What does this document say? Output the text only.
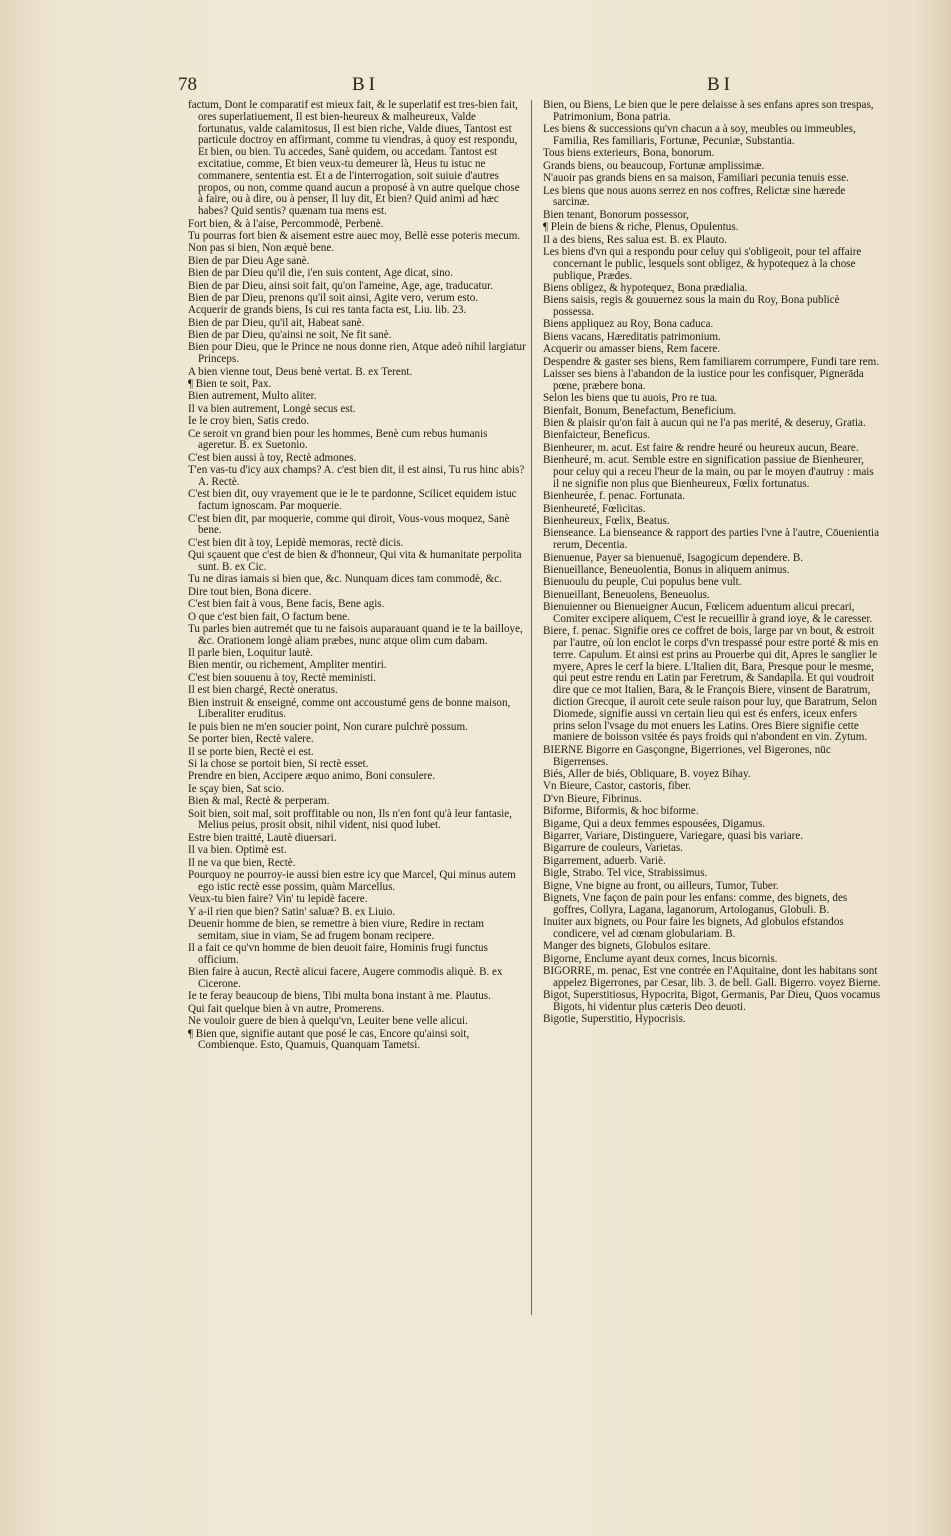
78	BI	BI

factum, Dont le comparatif est mieux fait, & le superlatif est tres-bien fait, ores superlatiuement, Il est bien-heureux & malheureux, Valde fortunatus, valde calamitosus, Il est bien riche, Valde diues, Tantost est particule doctroy en affirmant, comme tu viendras, à quoy est respondu, Et bien, ou bien. Tu accedes, Sanè quidem, ou accedam. Tantost est excitatiue, comme, Et bien veux-tu demeurer là, Heus tu istuc ne commanere, sententia est. Et a de l'interrogation, soit suiuie d'autres propos, ou non, comme quand aucun a proposé à vn autre quelque chose à faire, ou à dire, ou à penser, Il luy dit, Et bien? Quid animi ad hæc habes? Quid sentis? quænam tua mens est.

Fort bien, & à l'aise, Percommodè, Perbenè.

Tu pourras fort bien & aisement estre auec moy, Bellè esse poteris mecum.

Non pas si bien, Non æquè bene.

Bien de par Dieu Age sanè.

Bien de par Dieu qu'il die, i'en suis content, Age dicat, sino.

Bien de par Dieu, ainsi soit fait, qu'on l'ameine, Age, age, traducatur.

Bien de par Dieu, prenons qu'il soit ainsi, Agite vero, verum esto.

Acquerir de grands biens, Is cui res tanta facta est, Liu. lib. 23.

Bien de par Dieu, qu'il ait, Habeat sanè.

Bien de par Dieu, qu'ainsi ne soit, Ne fit sanè.

Bien pour Dieu, que le Prince ne nous donne rien, Atque adeò nihil largiatur Princeps.

A bien vienne tout, Deus benè vertat. B. ex Terent.

¶ Bien te soit, Pax.

Bien autrement, Multo aliter.

Il va bien autrement, Longè secus est.

Ie le croy bien, Satis credo.

Ce seroit vn grand bien pour les hommes, Benè cum rebus humanis ageretur. B. ex Suetonio.

C'est bien aussi à toy, Rectè admones.

T'en vas-tu d'icy aux champs? A. c'est bien dit, il est ainsi, Tu rus hinc abis? A. Rectè.

C'est bien dit, ouy vrayement que ie le te pardonne, Scilicet equidem istuc factum ignoscam. Par moquerie.

C'est bien dit, par moquerie, comme qui diroit, Vous-vous moquez, Sanè bene.

C'est bien dit à toy, Lepidè memoras, rectè dicis.

Qui sçauent que c'est de bien & d'honneur, Qui vita & humanitate perpolita sunt. B. ex Cic.

Tu ne diras iamais si bien que, &c. Nunquam dices tam commodè, &c.

Dire tout bien, Bona dicere.

C'est bien fait à vous, Bene facis, Bene agis.

O que c'est bien fait, O factum bene.

Tu parles bien autremét que tu ne faisois auparauant quand ie te la bailloye, &c. Orationem longè aliam præbes, nunc atque olim cum dabam.

Il parle bien, Loquitur lautè.

Bien mentir, ou richement, Ampliter mentiri.

C'est bien souuenu à toy, Rectè meministi.

Il est bien chargé, Rectè oneratus.

Bien instruit & enseigné, comme ont accoustumé gens de bonne maison, Liberaliter eruditus.

Ie puis bien ne m'en soucier point, Non curare pulchrè possum.

Se porter bien, Rectè valere.

Il se porte bien, Rectè ei est.

Si la chose se portoit bien, Si rectè esset.

Prendre en bien, Accipere æquo animo, Boni consulere.

Ie sçay bien, Sat scio.

Bien & mal, Rectè & perperam.

Soit bien, soit mal, soit proffitable ou non, Ils n'en font qu'à leur fantasie, Melius peius, prosit obsit, nihil vident, nisi quod lubet.

Estre bien traitté, Lautè diuersari.

Il va bien. Optimè est.

Il ne va que bien, Rectè.

Pourquoy ne pourroy-ie aussi bien estre icy que Marcel, Qui minus autem ego istic rectè esse possim, quàm Marcellus.

Veux-tu bien faire? Vin' tu lepidè facere.

Y a-il rien que bien? Satin' saluæ? B. ex Liuio.

Deuenir homme de bien, se remettre à bien viure, Redire in rectam semitam, siue in viam, Se ad frugem bonam recipere.

Il a fait ce qu'vn homme de bien deuoit faire, Hominis frugi functus officium.

Bien faire à aucun, Rectè alicui facere, Augere commodis aliquè. B. ex Cicerone.

Ie te feray beaucoup de biens, Tibi multa bona instant à me. Plautus.

Qui fait quelque bien à vn autre, Promerens.

Ne vouloir guere de bien à quelqu'vn, Leuiter bene velle alicui.

¶ Bien que, signifie autant que posé le cas, Encore qu'ainsi soit, Combienque. Esto, Quamuis, Quanquam Tametsi.

Bien, ou Biens, Le bien que le pere delaisse à ses enfans apres son trespas, Patrimonium, Bona patria.

Les biens & successions qu'vn chacun a à soy, meubles ou immeubles, Familia, Res familiaris, Fortunæ, Pecuniæ, Substantia.

Tous biens exterieurs, Bona, bonorum.

Grands biens, ou beaucoup, Fortunæ amplissimæ.

N'auoir pas grands biens en sa maison, Familiari pecunia tenuis esse.

Les biens que nous auons serrez en nos coffres, Relictæ sine hærede sarcinæ.

Bien tenant, Bonorum possessor,

¶ Plein de biens & riche, Plenus, Opulentus.

Il a des biens, Res salua est. B. ex Plauto.

Les biens d'vn qui a respondu pour celuy qui s'obligeoit, pour tel affaire concernant le public, lesquels sont obligez, & hypotequez à la chose publique, Prædes.

Biens obligez, & hypotequez, Bona prædialia.

Biens saisis, regis & gouuernez sous la main du Roy, Bona publicè possessa.

Biens appliquez au Roy, Bona caduca.

Biens vacans, Hæreditatis patrimonium.

Acquerir ou amasser biens, Rem facere.

Despendre & gaster ses biens, Rem familiarem corrumpere, Fundi tare rem.

Laisser ses biens à l'abandon de la iustice pour les confisquer, Pignerāda pœne, præbere bona.

Selon les biens que tu auois, Pro re tua.

Bienfait, Bonum, Benefactum, Beneficium.

Bien & plaisir qu'on fait à aucun qui ne l'a pas merité, & deseruy, Gratia.

Bienfaicteur, Beneficus.

Bienheurer, m. acut. Est faire & rendre heuré ou heureux aucun, Beare.

Bienheuré, m. acut. Semble estre en signification passiue de Bienheurer, pour celuy qui a receu l'heur de la main, ou par le moyen d'autruy : mais il ne signifie non plus que Bienheureux, Fœlix fortunatus.

Bienheurée, f. penac. Fortunata.

Bienheureté, Fœlicitas.

Bienheureux, Fœlix, Beatus.

Bienseance. La bienseance & rapport des parties l'vne à l'autre, Cōuenientia rerum, Decentia.

Bienuenue, Payer sa bienuenuë, Isagogicum dependere. B.

Bienueillance, Beneuolentia, Bonus in aliquem animus.

Bienuoulu du peuple, Cui populus bene vult.

Bienueillant, Beneuolens, Beneuolus.

Bienuienner ou Bienueigner Aucun, Fœlicem aduentum alicui precari, Comiter excipere aliquem, C'est le recueillir à grand ioye, & le caresser.

Biere, f. penac. Signifie ores ce coffret de bois, large par vn bout, & estroit par l'autre, où lon enclot le corps d'vn trespassé pour estre porté & mis en terre. Capulum. Et ainsi est prins au Prouerbe qui dit, Apres le sanglier le myere, Apres le cerf la biere. L'Italien dit, Bara, Presque pour le mesme, qui peut estre rendu en Latin par Feretrum, & Sandapila. Et qui voudroit dire que ce mot Italien, Bara, & le François Biere, vinsent de Baratrum, diction Grecque, il auroit cete seule raison pour luy, que Baratrum, Selon Diomede, signifie aussi vn certain lieu qui est és enfers, iceux enfers prins selon l'vsage du mot enuers les Latins. Ores Biere signifie cette maniere de boisson vsitée és pays froids qui n'abondent en vin. Zytum.

BIERNE Bigorre en Gasçongne, Bigerriones, vel Bigerones, nūc Bigerrenses.

Biés, Aller de biés, Obliquare, B. voyez Bihay.

Vn Bieure, Castor, castoris, fiber.

D'vn Bieure, Fibrinus.

Biforme, Biformis, & hoc biforme.

Bigame, Qui a deux femmes espousées, Digamus.

Bigarrer, Variare, Distinguere, Variegare, quasi bis variare.

Bigarrure de couleurs, Varietas.

Bigarrement, aduerb. Variè.

Bigle, Strabo. Tel vice, Strabissimus.

Bigne, Vne bigne au front, ou ailleurs, Tumor, Tuber.

Bignets, Vne façon de pain pour les enfans: comme, des bignets, des goffres, Collyra, Lagana, laganorum, Artologanus, Globuli. B.

Inuiter aux bignets, ou Pour faire les bignets, Ad globulos efstandos condicere, vel ad cœnam globulariam. B.

Manger des bignets, Globulos esitare.

Bigorne, Enclume ayant deux cornes, Incus bicornis.

BIGORRE, m. penac, Est vne contrée en l'Aquitaine, dont les habitans sont appelez Bigerrones, par Cesar, lib. 3. de bell. Gall. Bigerro. voyez Bierne.

Bigot, Superstitiosus, Hypocrita, Bigot, Germanis, Par Dieu, Quos vocamus Bigots, hi videntur plus cæteris Deo deuoti.

Bigotie, Superstitio, Hypocrisis.
